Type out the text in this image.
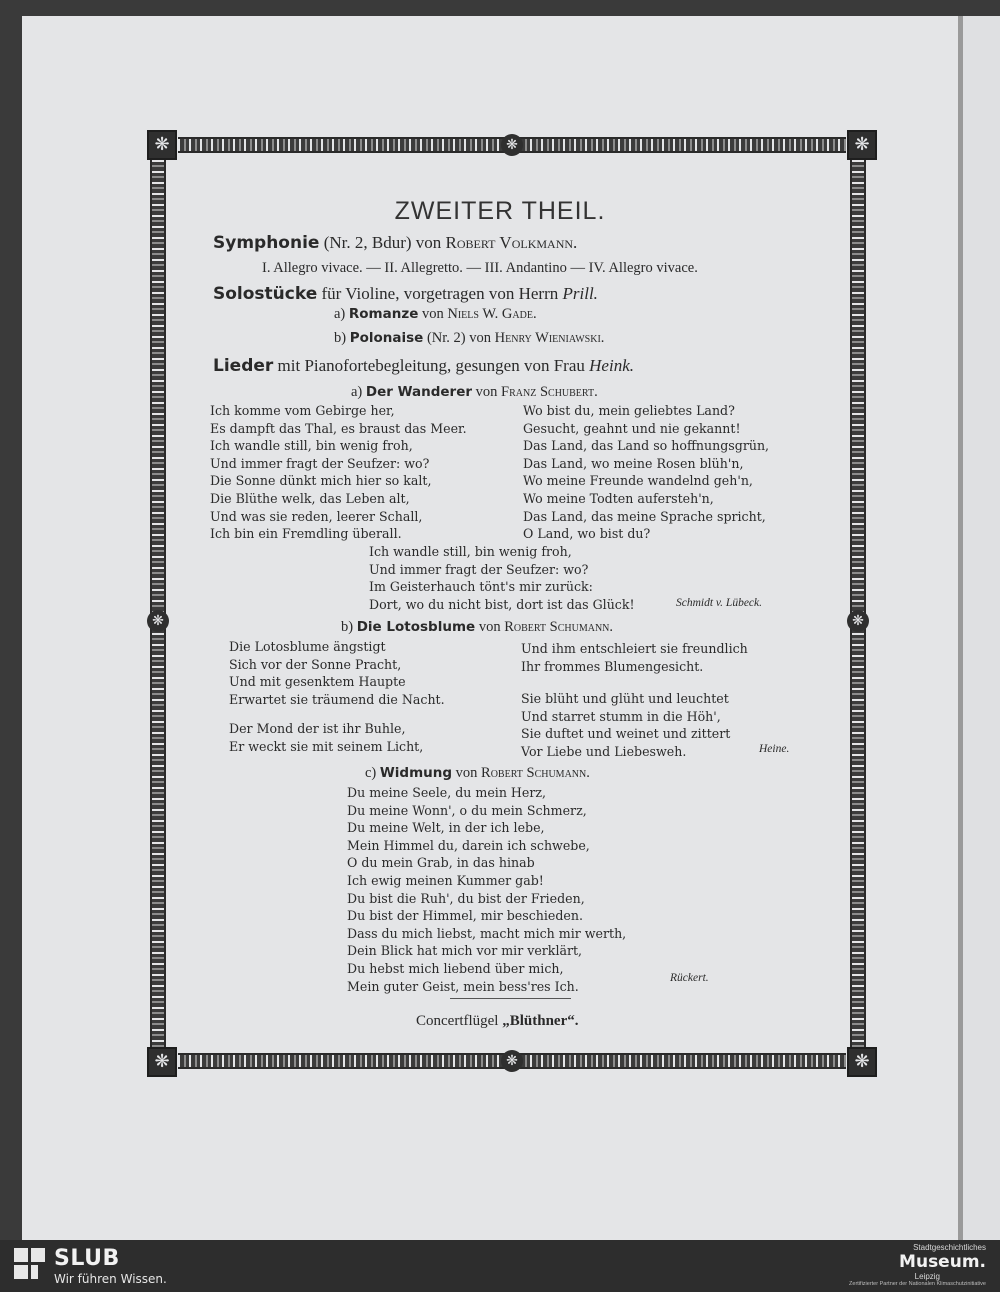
❋	❋
❋	❋
❋
❋
❋	❋
ZWEITER THEIL.
Symphonie (Nr. 2, Bdur) von Robert Volkmann.
I. Allegro vivace. — II. Allegretto. — III. Andantino — IV. Allegro vivace.
Solostücke für Violine, vorgetragen von Herrn Prill.
a) Romanze von Niels W. Gade.
b) Polonaise (Nr. 2) von Henry Wieniawski.
Lieder mit Pianofortebegleitung, gesungen von Frau Heink.
a) Der Wanderer von Franz Schubert.
Ich komme vom Gebirge her,
Es dampft das Thal, es braust das Meer.
Ich wandle still, bin wenig froh,
Und immer fragt der Seufzer: wo?
Die Sonne dünkt mich hier so kalt,
Die Blüthe welk, das Leben alt,
Und was sie reden, leerer Schall,
Ich bin ein Fremdling überall.
Wo bist du, mein geliebtes Land?
Gesucht, geahnt und nie gekannt!
Das Land, das Land so hoffnungsgrün,
Das Land, wo meine Rosen blüh'n,
Wo meine Freunde wandelnd geh'n,
Wo meine Todten aufersteh'n,
Das Land, das meine Sprache spricht,
O Land, wo bist du?
Ich wandle still, bin wenig froh,
Und immer fragt der Seufzer: wo?
Im Geisterhauch tönt's mir zurück:
Dort, wo du nicht bist, dort ist das Glück!	Schmidt v. Lübeck.
b) Die Lotosblume von Robert Schumann.
Die Lotosblume ängstigt
Sich vor der Sonne Pracht,
Und mit gesenktem Haupte
Erwartet sie träumend die Nacht.
Der Mond der ist ihr Buhle,
Er weckt sie mit seinem Licht,
Und ihm entschleiert sie freundlich
Ihr frommes Blumengesicht.
Sie blüht und glüht und leuchtet
Und starret stumm in die Höh',
Sie duftet und weinet und zittert
Vor Liebe und Liebesweh.	Heine.
c) Widmung von Robert Schumann.
Du meine Seele, du mein Herz,
Du meine Wonn', o du mein Schmerz,
Du meine Welt, in der ich lebe,
Mein Himmel du, darein ich schwebe,
O du mein Grab, in das hinab
Ich ewig meinen Kummer gab!
Du bist die Ruh', du bist der Frieden,
Du bist der Himmel, mir beschieden.
Dass du mich liebst, macht mich mir werth,
Dein Blick hat mich vor mir verklärt,
Du hebst mich liebend über mich,
Mein guter Geist, mein bess'res Ich.
Rückert.
Concertflügel „Blüthner“.
SLUB
Wir führen Wissen.
Stadtgeschichtliches
Museum.
Leipzig
Zertifizierter Partner der Nationalen Klimaschutzinitiative
